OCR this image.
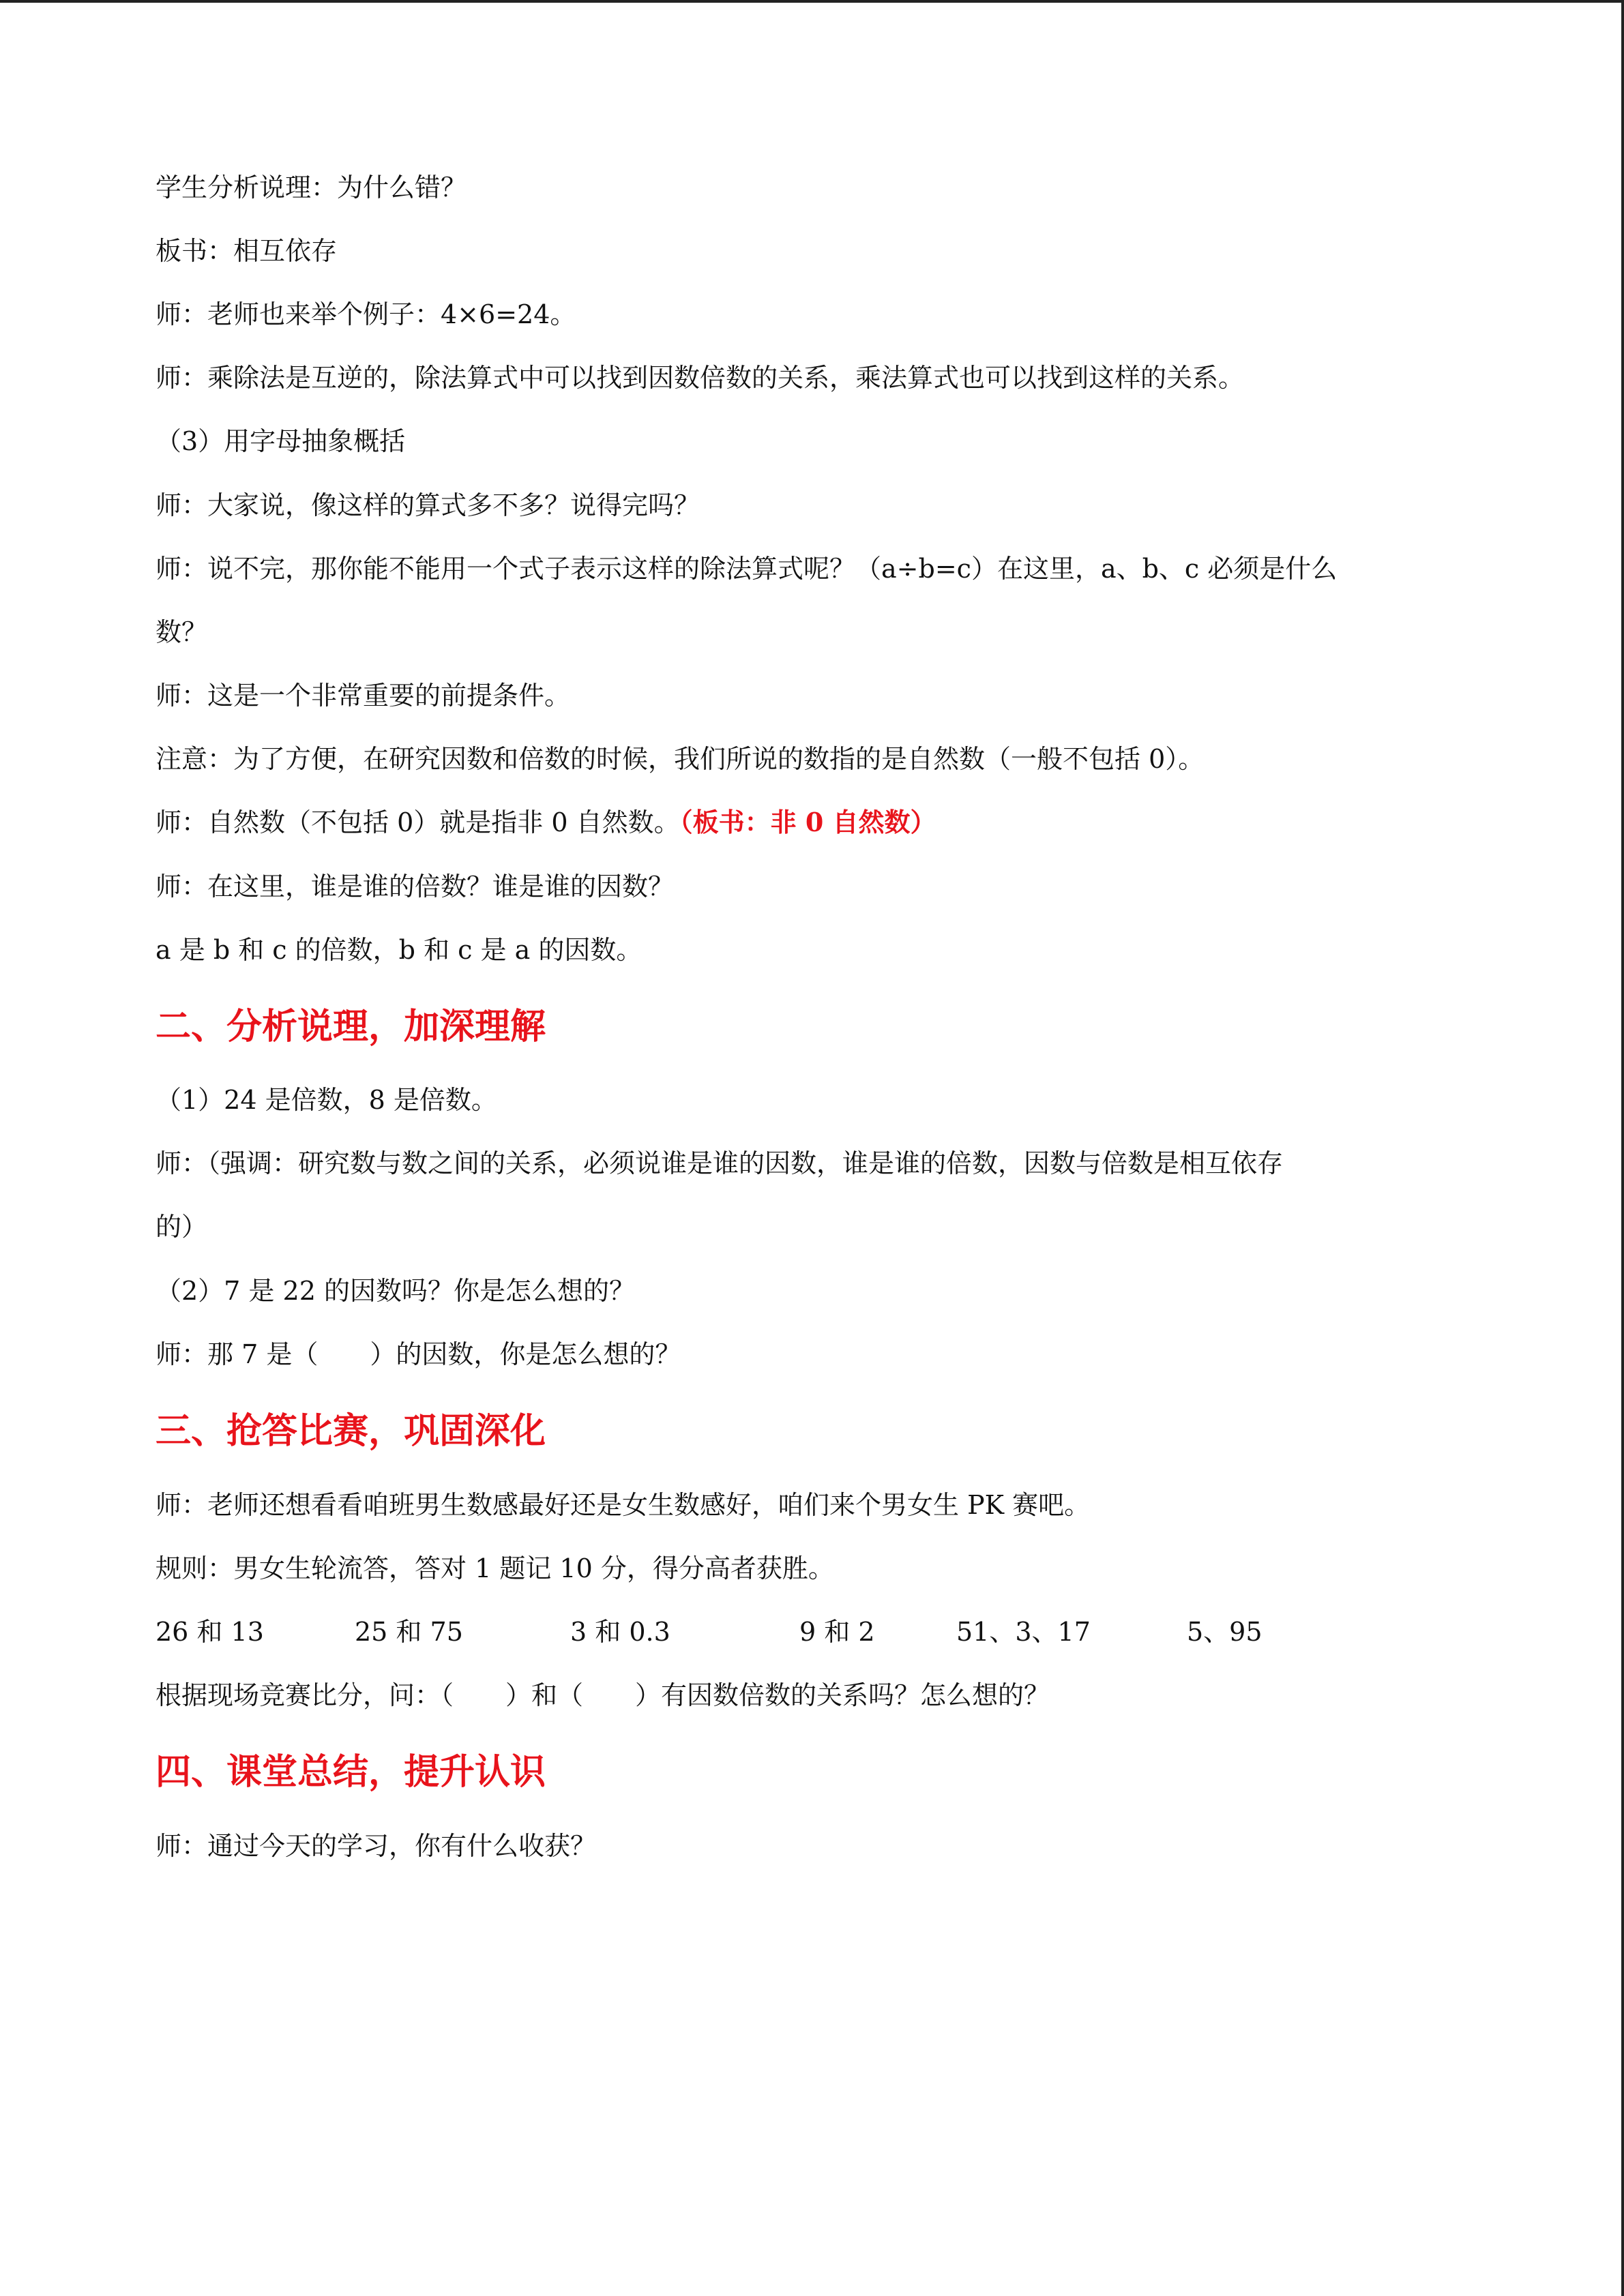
学生分析说理：为什么错？
板书：相互依存
师：老师也来举个例子：4×6=24。
师：乘除法是互逆的，除法算式中可以找到因数倍数的关系，乘法算式也可以找到这样的关系。
（3）用字母抽象概括
师：大家说，像这样的算式多不多？说得完吗？
师：说不完，那你能不能用一个式子表示这样的除法算式呢？（a÷b=c）在这里，a、b、c 必须是什么
数？
师：这是一个非常重要的前提条件。
注意：为了方便，在研究因数和倍数的时候，我们所说的数指的是自然数（一般不包括 0）。
师：自然数（不包括 0）就是指非 0 自然数。（板书：非 0 自然数）
师：在这里，谁是谁的倍数？谁是谁的因数？
a 是 b 和 c 的倍数，b 和 c 是 a 的因数。
二、分析说理，加深理解
（1）24 是倍数，8 是倍数。
师：（强调：研究数与数之间的关系，必须说谁是谁的因数，谁是谁的倍数，因数与倍数是相互依存
的）
（2）7 是 22 的因数吗？你是怎么想的？
师：那 7 是（　　）的因数，你是怎么想的？
三、抢答比赛，巩固深化
师：老师还想看看咱班男生数感最好还是女生数感好，咱们来个男女生 PK 赛吧。
规则：男女生轮流答，答对 1 题记 10 分，得分高者获胜。
26 和 13	25 和 75	3 和 0.3	9 和 2	51、3、17	5、95
根据现场竞赛比分，问：（　　）和（　　）有因数倍数的关系吗？怎么想的？
四、课堂总结，提升认识
师：通过今天的学习，你有什么收获？
